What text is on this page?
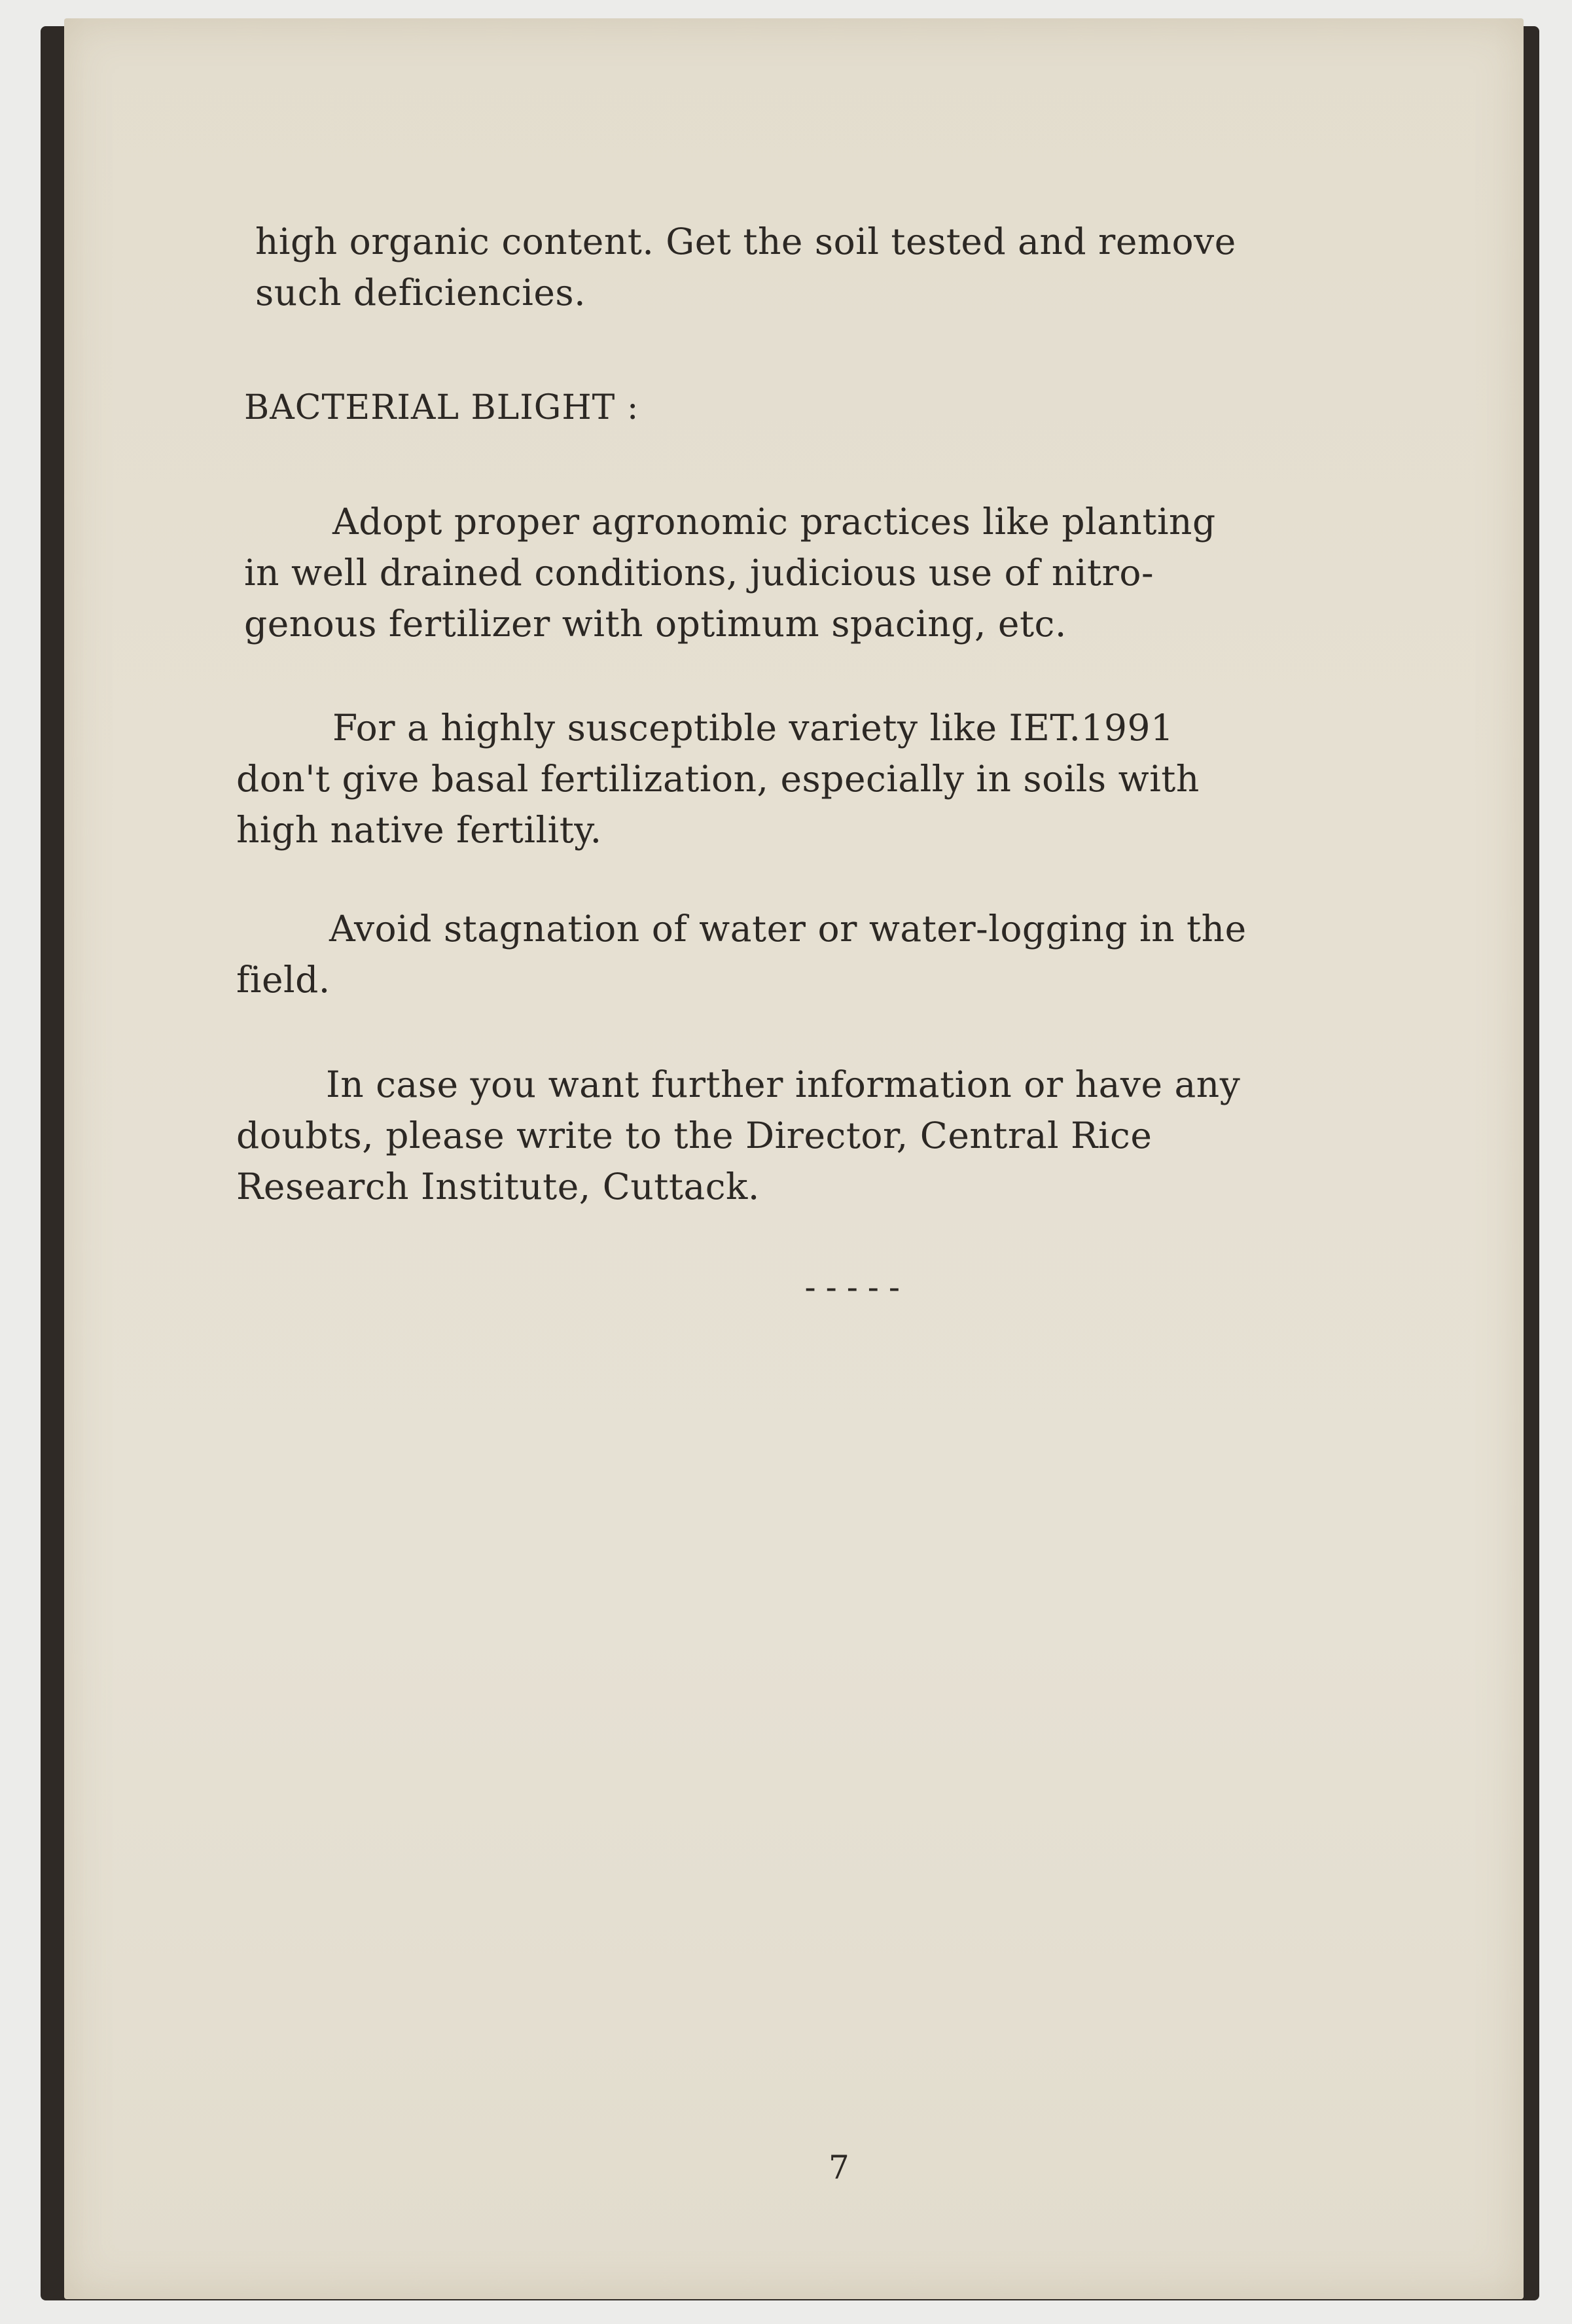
high organic content. Get the soil tested and remove
such deficiencies.
BACTERIAL BLIGHT :
Adopt proper agronomic practices like planting
in well drained conditions, judicious use of nitro-
genous fertilizer with optimum spacing, etc.
For a highly susceptible variety like IET.1991
don't give basal fertilization, especially in soils with
high native fertility.
Avoid stagnation of water or water-logging in the
field.
In case you want further information or have any
doubts, please write to the Director, Central Rice
Research Institute, Cuttack.
-----
7
